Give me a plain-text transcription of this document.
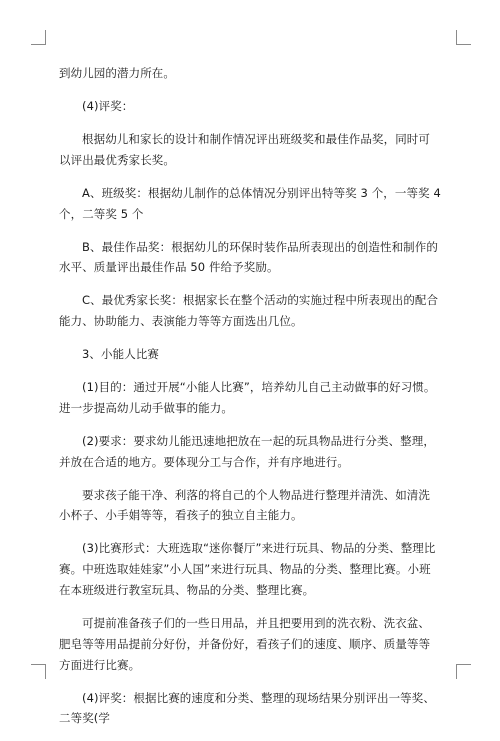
到幼儿园的潜力所在。

(4)评奖：

根据幼儿和家长的设计和制作情况评出班级奖和最佳作品奖，同时可以评出最优秀家长奖。

A、班级奖：根据幼儿制作的总体情况分别评出特等奖 3 个，一等奖 4 个，二等奖 5 个

B、最佳作品奖：根据幼儿的环保时装作品所表现出的创造性和制作的水平、质量评出最佳作品 50 件给予奖励。

C、最优秀家长奖：根据家长在整个活动的实施过程中所表现出的配合能力、协助能力、表演能力等等方面选出几位。

3、小能人比赛

(1)目的：通过开展“小能人比赛”，培养幼儿自己主动做事的好习惯。进一步提高幼儿动手做事的能力。

(2)要求：要求幼儿能迅速地把放在一起的玩具物品进行分类、整理，并放在合适的地方。要体现分工与合作，并有序地进行。

要求孩子能干净、利落的将自己的个人物品进行整理并清洗、如清洗小杯子、小手娟等等，看孩子的独立自主能力。

(3)比赛形式：大班选取“迷你餐厅”来进行玩具、物品的分类、整理比赛。中班选取娃娃家”小人国”来进行玩具、物品的分类、整理比赛。小班在本班级进行教室玩具、物品的分类、整理比赛。

可提前准备孩子们的一些日用品，并且把要用到的洗衣粉、洗衣盆、肥皂等等用品提前分好份，并备份好，看孩子们的速度、顺序、质量等等方面进行比赛。

(4)评奖：根据比赛的速度和分类、整理的现场结果分别评出一等奖、二等奖(学
